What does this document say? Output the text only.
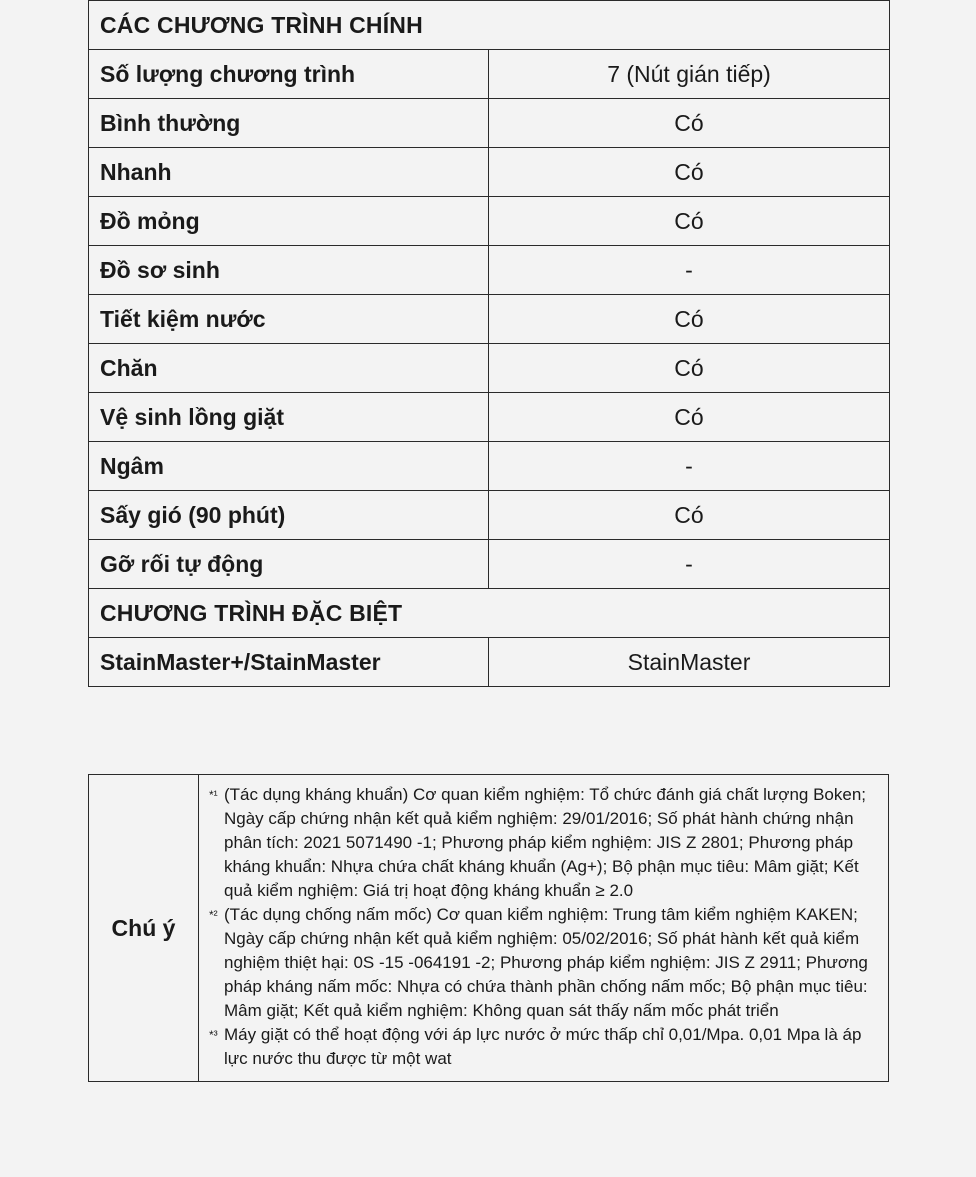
CÁC CHƯƠNG TRÌNH CHÍNH	
Số lượng chương trình	7 (Nút gián tiếp)
Bình thường	Có
Nhanh	Có
Đồ mỏng	Có
Đồ sơ sinh	-
Tiết kiệm nước	Có
Chăn	Có
Vệ sinh lồng giặt	Có
Ngâm	-
Sấy gió (90 phút)	Có
Gỡ rối tự động	-
CHƯƠNG TRÌNH ĐẶC BIỆT	
StainMaster+/StainMaster	StainMaster
Chú ý	
*¹ (Tác dụng kháng khuẩn) Cơ quan kiểm nghiệm: Tổ chức đánh giá chất lượng Boken; Ngày cấp chứng nhận kết quả kiểm nghiệm: 29/01/2016; Số phát hành chứng nhận phân tích: 2021 5071490 -1; Phương pháp kiểm nghiệm: JIS Z 2801; Phương pháp kháng khuẩn: Nhựa chứa chất kháng khuẩn (Ag+); Bộ phận mục tiêu: Mâm giặt; Kết quả kiểm nghiệm: Giá trị hoạt động kháng khuẩn ≥ 2.0
*² (Tác dụng chống nấm mốc) Cơ quan kiểm nghiệm: Trung tâm kiểm nghiệm KAKEN; Ngày cấp chứng nhận kết quả kiểm nghiệm: 05/02/2016; Số phát hành kết quả kiểm nghiệm thiệt hại: 0S -15 -064191 -2; Phương pháp kiểm nghiệm: JIS Z 2911; Phương pháp kháng nấm mốc: Nhựa có chứa thành phần chống nấm mốc; Bộ phận mục tiêu: Mâm giặt; Kết quả kiểm nghiệm: Không quan sát thấy nấm mốc phát triển
*³ Máy giặt có thể hoạt động với áp lực nước ở mức thấp chỉ 0,01/Mpa. 0,01 Mpa là áp lực nước thu được từ một wat
